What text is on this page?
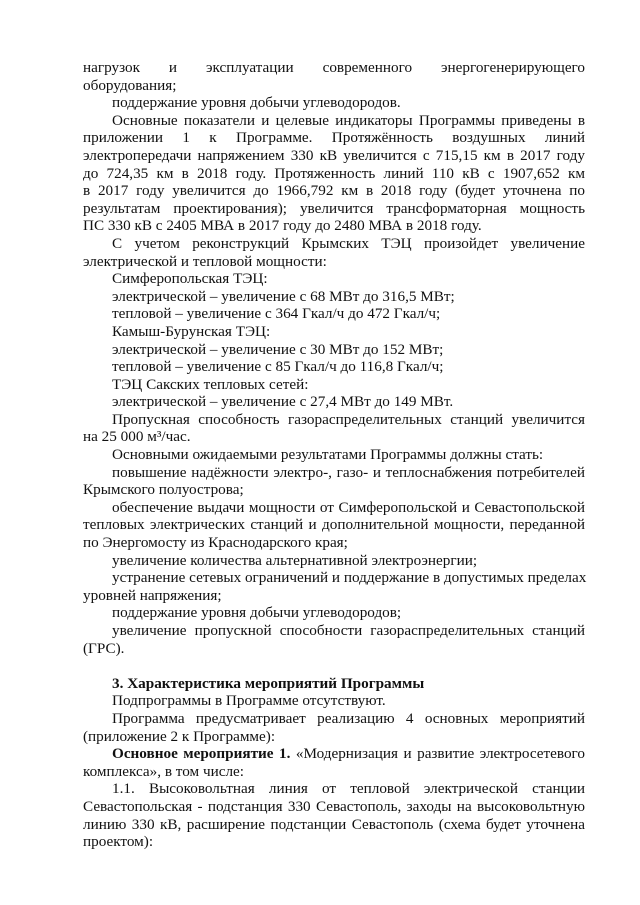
нагрузок и эксплуатации современного энергогенерирующего
оборудования;
поддержание уровня добычи углеводородов.
Основные показатели и целевые индикаторы Программы приведены в
приложении 1 к Программе. Протяжённость воздушных линий
электропередачи напряжением 330 кВ увеличится с 715,15 км в 2017 году
до 724,35 км в 2018 году. Протяженность линий 110 кВ с 1907,652 км
в 2017 году увеличится до 1966,792 км в 2018 году (будет уточнена по
результатам проектирования); увеличится трансформаторная мощность
ПС 330 кВ с 2405 МВА в 2017 году до 2480 МВА в 2018 году.
С учетом реконструкций Крымских ТЭЦ произойдет увеличение
электрической и тепловой мощности:
Симферопольская ТЭЦ:
электрической – увеличение с 68 МВт до 316,5 МВт;
тепловой – увеличение с 364 Гкал/ч до 472 Гкал/ч;
Камыш-Бурунская ТЭЦ:
электрической – увеличение с 30 МВт до 152 МВт;
тепловой – увеличение с 85 Гкал/ч до 116,8 Гкал/ч;
ТЭЦ Сакских тепловых сетей:
электрической – увеличение с 27,4 МВт до 149 МВт.
Пропускная способность газораспределительных станций увеличится
на 25 000 м³/час.
Основными ожидаемыми результатами Программы должны стать:
повышение надёжности электро-, газо- и теплоснабжения потребителей
Крымского полуострова;
обеспечение выдачи мощности от Симферопольской и Севастопольской
тепловых электрических станций и дополнительной мощности, переданной
по Энергомосту из Краснодарского края;
увеличение количества альтернативной электроэнергии;
устранение сетевых ограничений и поддержание в допустимых пределах
уровней напряжения;
поддержание уровня добычи углеводородов;
увеличение пропускной способности газораспределительных станций
(ГРС).
3. Характеристика мероприятий Программы
Подпрограммы в Программе отсутствуют.
Программа предусматривает реализацию 4 основных мероприятий
(приложение 2 к Программе):
Основное мероприятие 1. «Модернизация и развитие электросетевого
комплекса», в том числе:
1.1. Высоковольтная линия от тепловой электрической станции
Севастопольская - подстанция 330 Севастополь, заходы на высоковольтную
линию 330 кВ, расширение подстанции Севастополь (схема будет уточнена
проектом):
